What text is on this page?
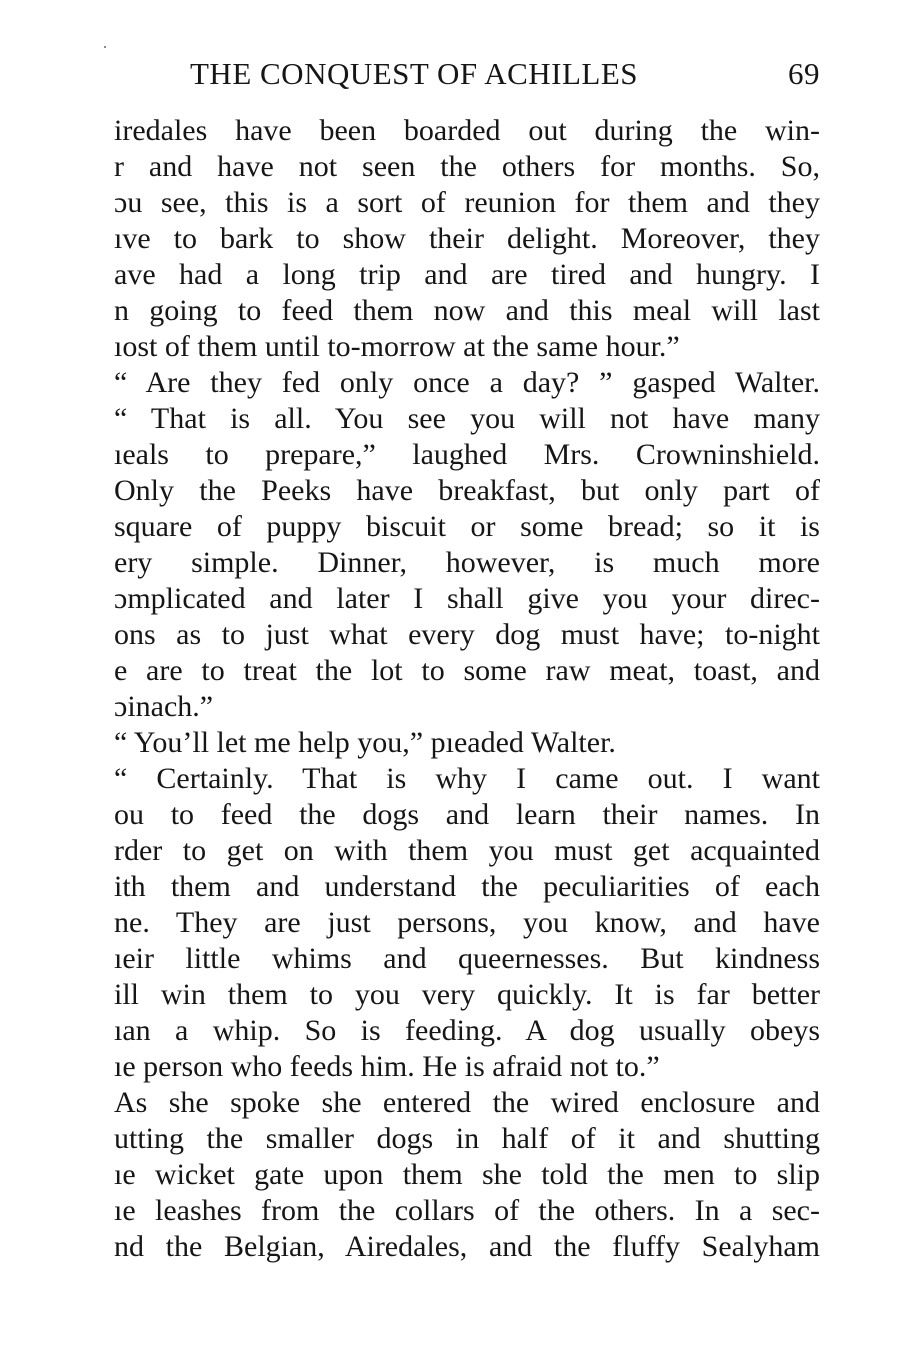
THE CONQUEST OF ACHILLES	69
iredales have been boarded out during the win-
r and have not seen the others for months. So,
ɔu see, this is a sort of reunion for them and they
ıve to bark to show their delight. Moreover, they
ave had a long trip and are tired and hungry. I
n going to feed them now and this meal will last
ıost of them until to-morrow at the same hour.”
“ Are they fed only once a day? ” gasped Walter.
“ That is all. You see you will not have many
ıeals to prepare,” laughed Mrs. Crowninshield.
Only the Peeks have breakfast, but only part of
square of puppy biscuit or some bread; so it is
ery simple. Dinner, however, is much more
ɔmplicated and later I shall give you your direc-
ons as to just what every dog must have; to-night
e are to treat the lot to some raw meat, toast, and
ɔinach.”
“ You’ll let me help you,” pıeaded Walter.
“ Certainly. That is why I came out. I want
ou to feed the dogs and learn their names. In
rder to get on with them you must get acquainted
ith them and understand the peculiarities of each
ne. They are just persons, you know, and have
ıeir little whims and queernesses. But kindness
ill win them to you very quickly. It is far better
ıan a whip. So is feeding. A dog usually obeys
ıe person who feeds him. He is afraid not to.”
As she spoke she entered the wired enclosure and
utting the smaller dogs in half of it and shutting
ıe wicket gate upon them she told the men to slip
ıe leashes from the collars of the others. In a sec-
nd the Belgian, Airedales, and the fluffy Sealyham
